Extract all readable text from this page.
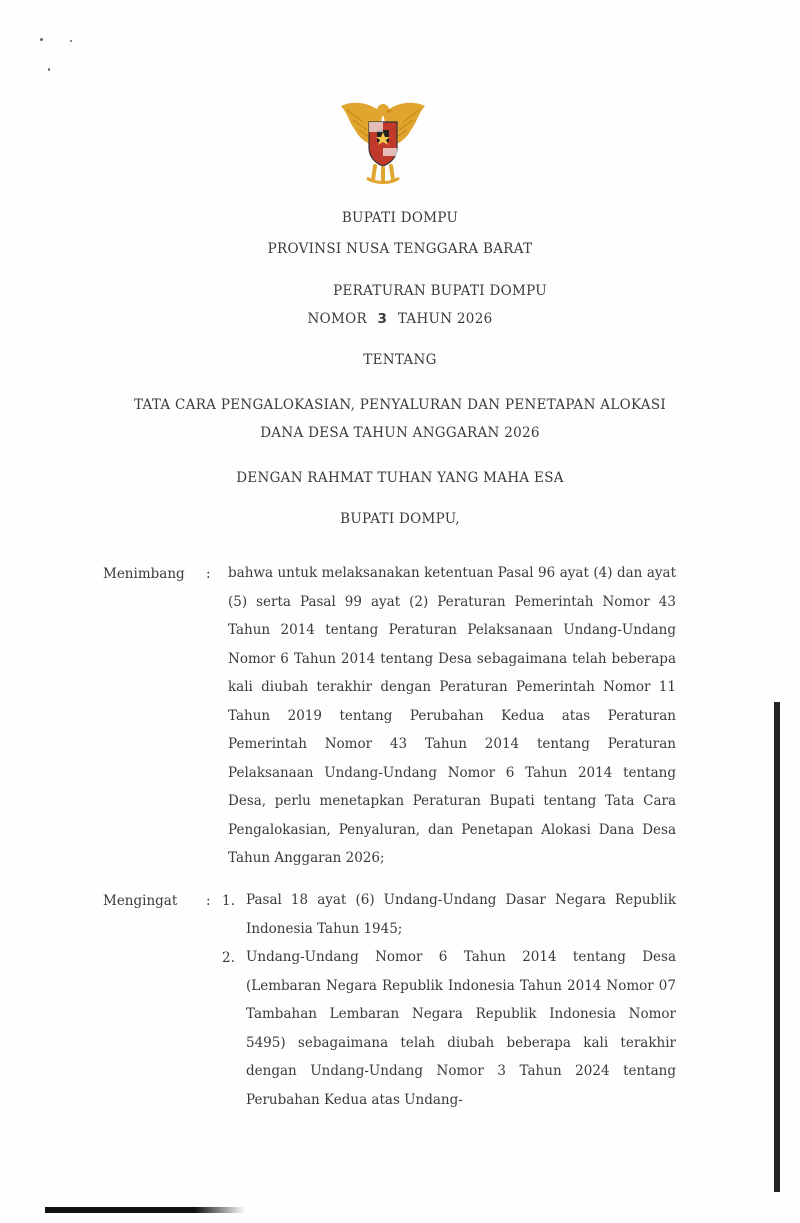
BUPATI DOMPU
PROVINSI NUSA TENGGARA BARAT
PERATURAN BUPATI DOMPU
NOMOR 3 TAHUN 2026
TENTANG
TATA CARA PENGALOKASIAN, PENYALURAN DAN PENETAPAN ALOKASI
DANA DESA TAHUN ANGGARAN 2026
DENGAN RAHMAT TUHAN YANG MAHA ESA
BUPATI DOMPU,
Menimbang : bahwa untuk melaksanakan ketentuan Pasal 96 ayat (4) dan ayat (5) serta Pasal 99 ayat (2) Peraturan Pemerintah Nomor 43 Tahun 2014 tentang Peraturan Pelaksanaan Undang-Undang Nomor 6 Tahun 2014 tentang Desa sebagaimana telah beberapa kali diubah terakhir dengan Peraturan Pemerintah Nomor 11 Tahun 2019 tentang Perubahan Kedua atas Peraturan Pemerintah Nomor 43 Tahun 2014 tentang Peraturan Pelaksanaan Undang-Undang Nomor 6 Tahun 2014 tentang Desa, perlu menetapkan Peraturan Bupati tentang Tata Cara Pengalokasian, Penyaluran, dan Penetapan Alokasi Dana Desa Tahun Anggaran 2026;
Mengingat : 1. Pasal 18 ayat (6) Undang-Undang Dasar Negara Republik Indonesia Tahun 1945;
2. Undang-Undang Nomor 6 Tahun 2014 tentang Desa (Lembaran Negara Republik Indonesia Tahun 2014 Nomor 07 Tambahan Lembaran Negara Republik Indonesia Nomor 5495) sebagaimana telah diubah beberapa kali terakhir dengan Undang-Undang Nomor 3 Tahun 2024 tentang Perubahan Kedua atas Undang-
